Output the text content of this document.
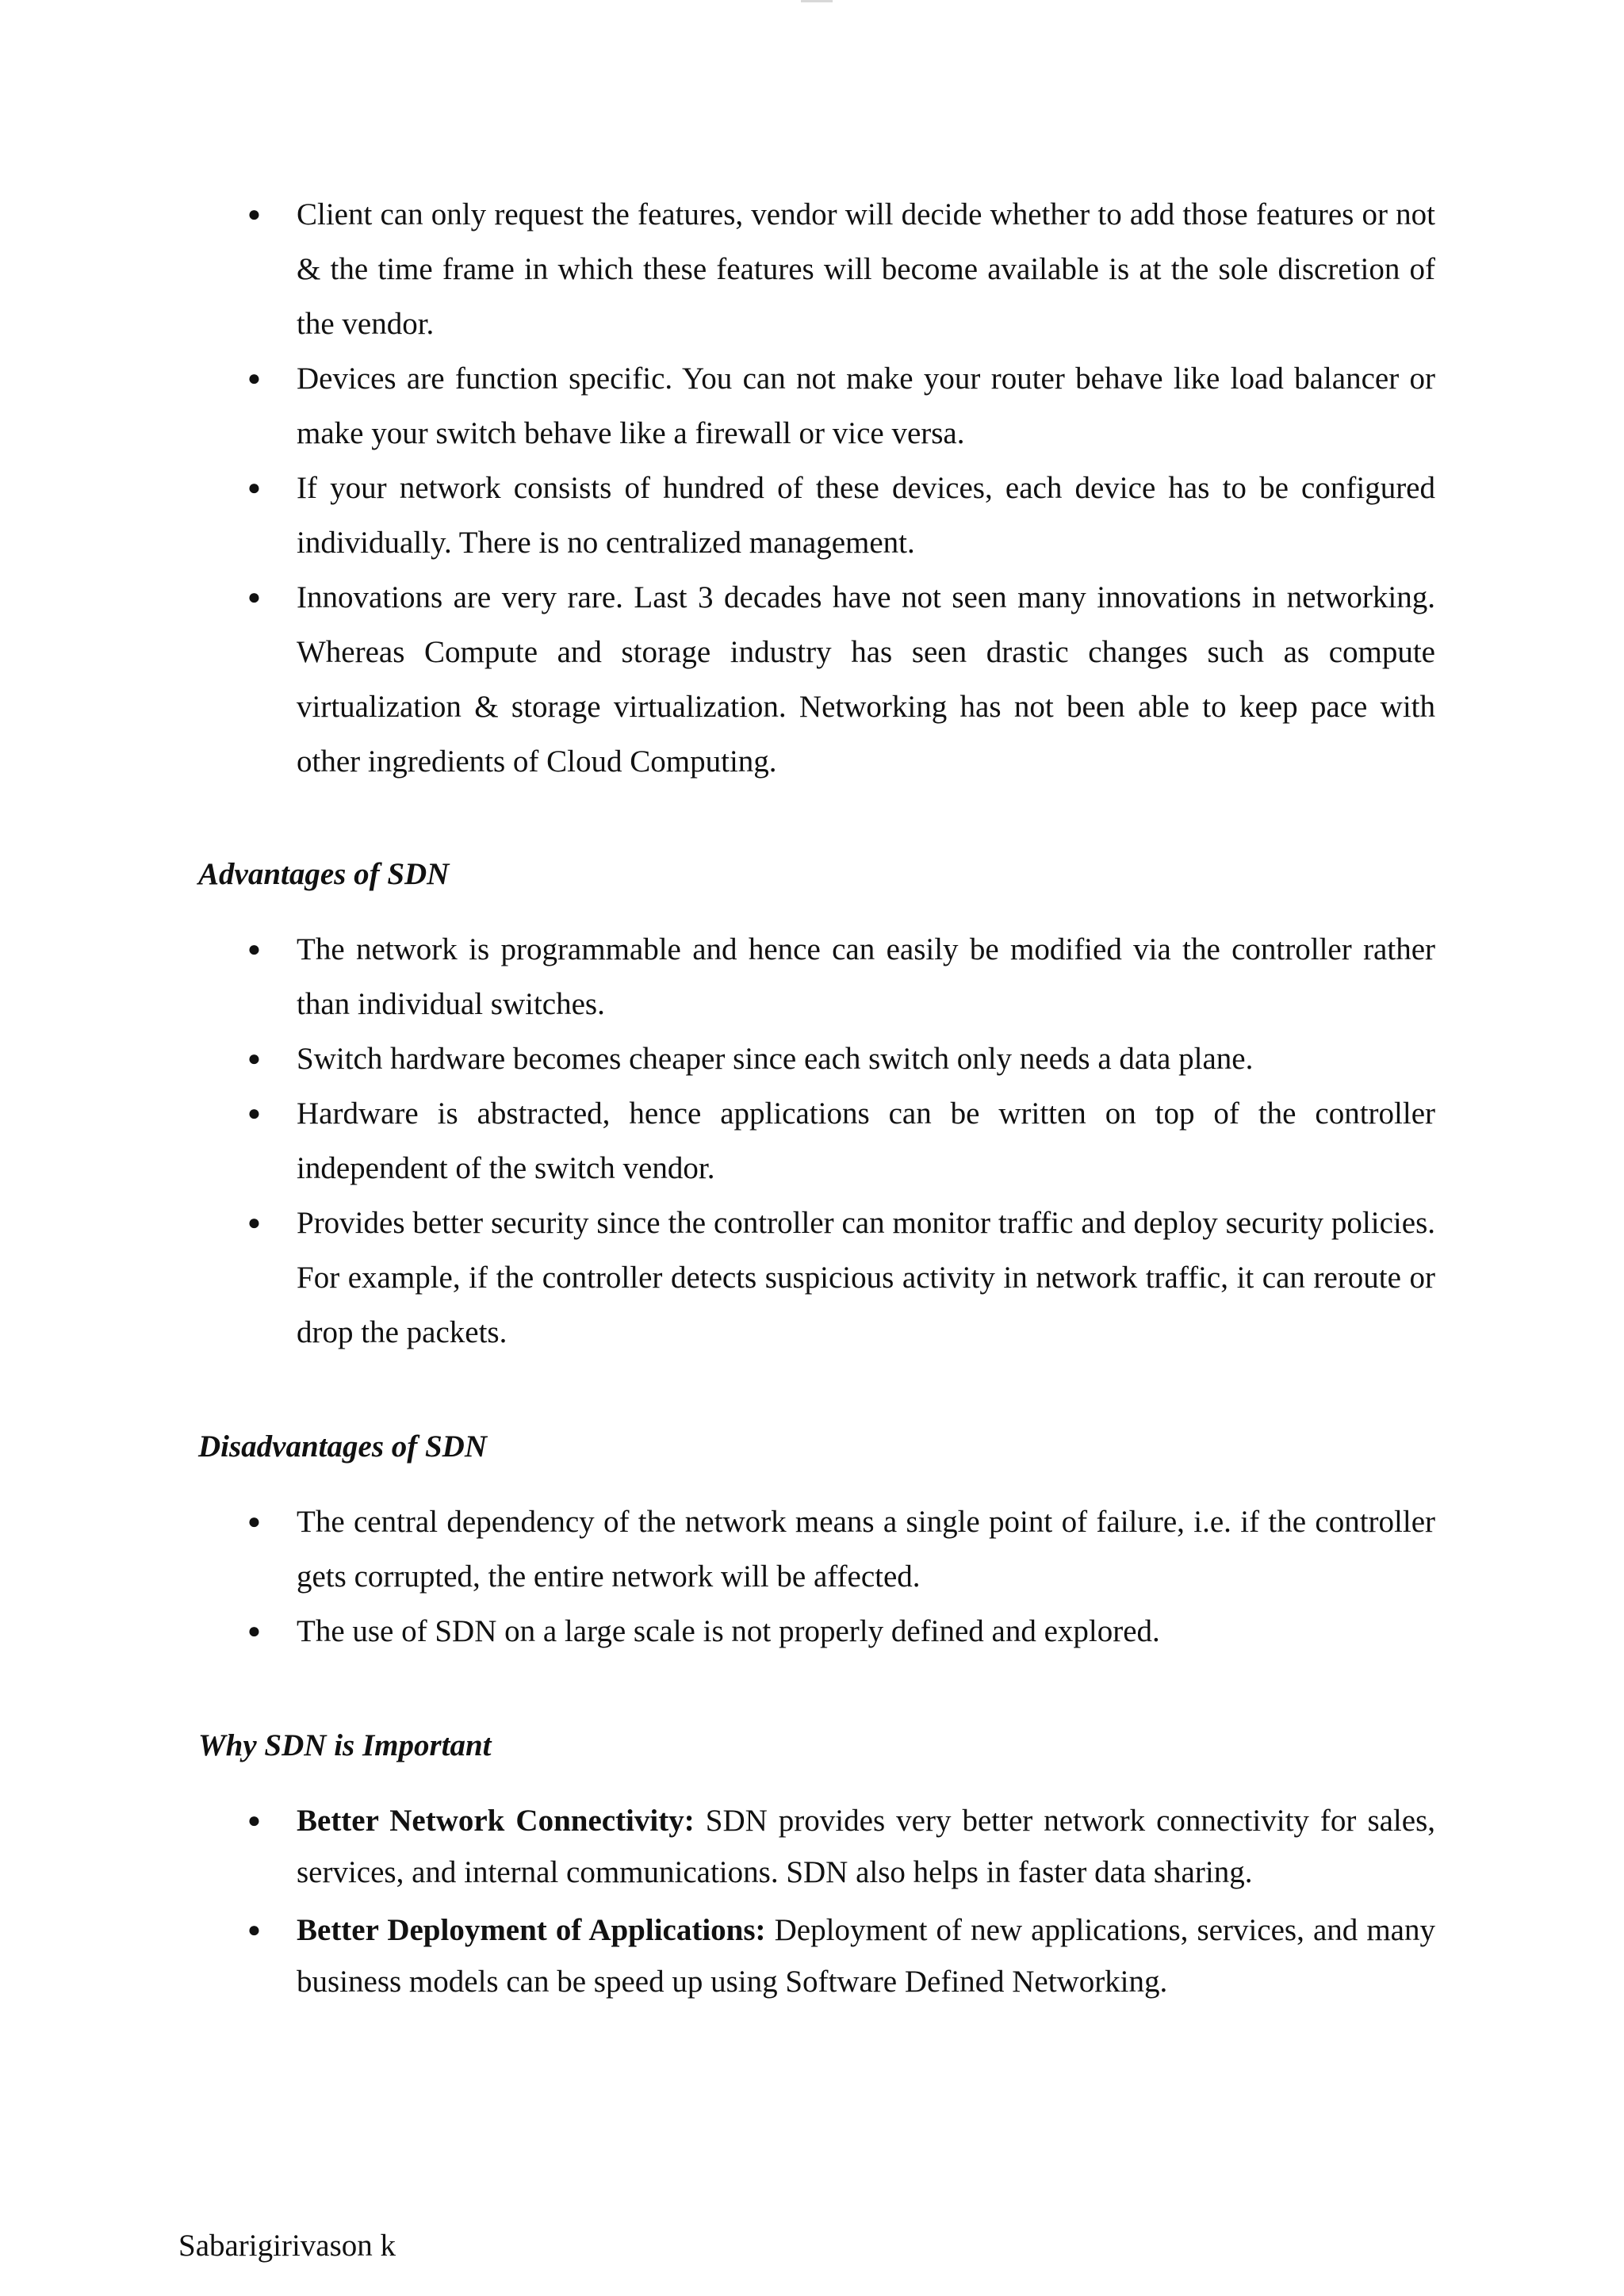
● Client can only request the features, vendor will decide whether to add those features or not & the time frame in which these features will become available is at the sole discretion of the vendor.
● Devices are function specific. You can not make your router behave like load balancer or make your switch behave like a firewall or vice versa.
● If your network consists of hundred of these devices, each device has to be configured individually. There is no centralized management.
● Innovations are very rare. Last 3 decades have not seen many innovations in networking. Whereas Compute and storage industry has seen drastic changes such as compute virtualization & storage virtualization. Networking has not been able to keep pace with other ingredients of Cloud Computing.
Advantages of SDN
● The network is programmable and hence can easily be modified via the controller rather than individual switches.
● Switch hardware becomes cheaper since each switch only needs a data plane.
● Hardware is abstracted, hence applications can be written on top of the controller independent of the switch vendor.
● Provides better security since the controller can monitor traffic and deploy security policies. For example, if the controller detects suspicious activity in network traffic, it can reroute or drop the packets.
Disadvantages of SDN
● The central dependency of the network means a single point of failure, i.e. if the controller gets corrupted, the entire network will be affected.
● The use of SDN on a large scale is not properly defined and explored.
Why SDN is Important
● Better Network Connectivity: SDN provides very better network connectivity for sales, services, and internal communications. SDN also helps in faster data sharing.
● Better Deployment of Applications: Deployment of new applications, services, and many business models can be speed up using Software Defined Networking.
Sabarigirivason k
